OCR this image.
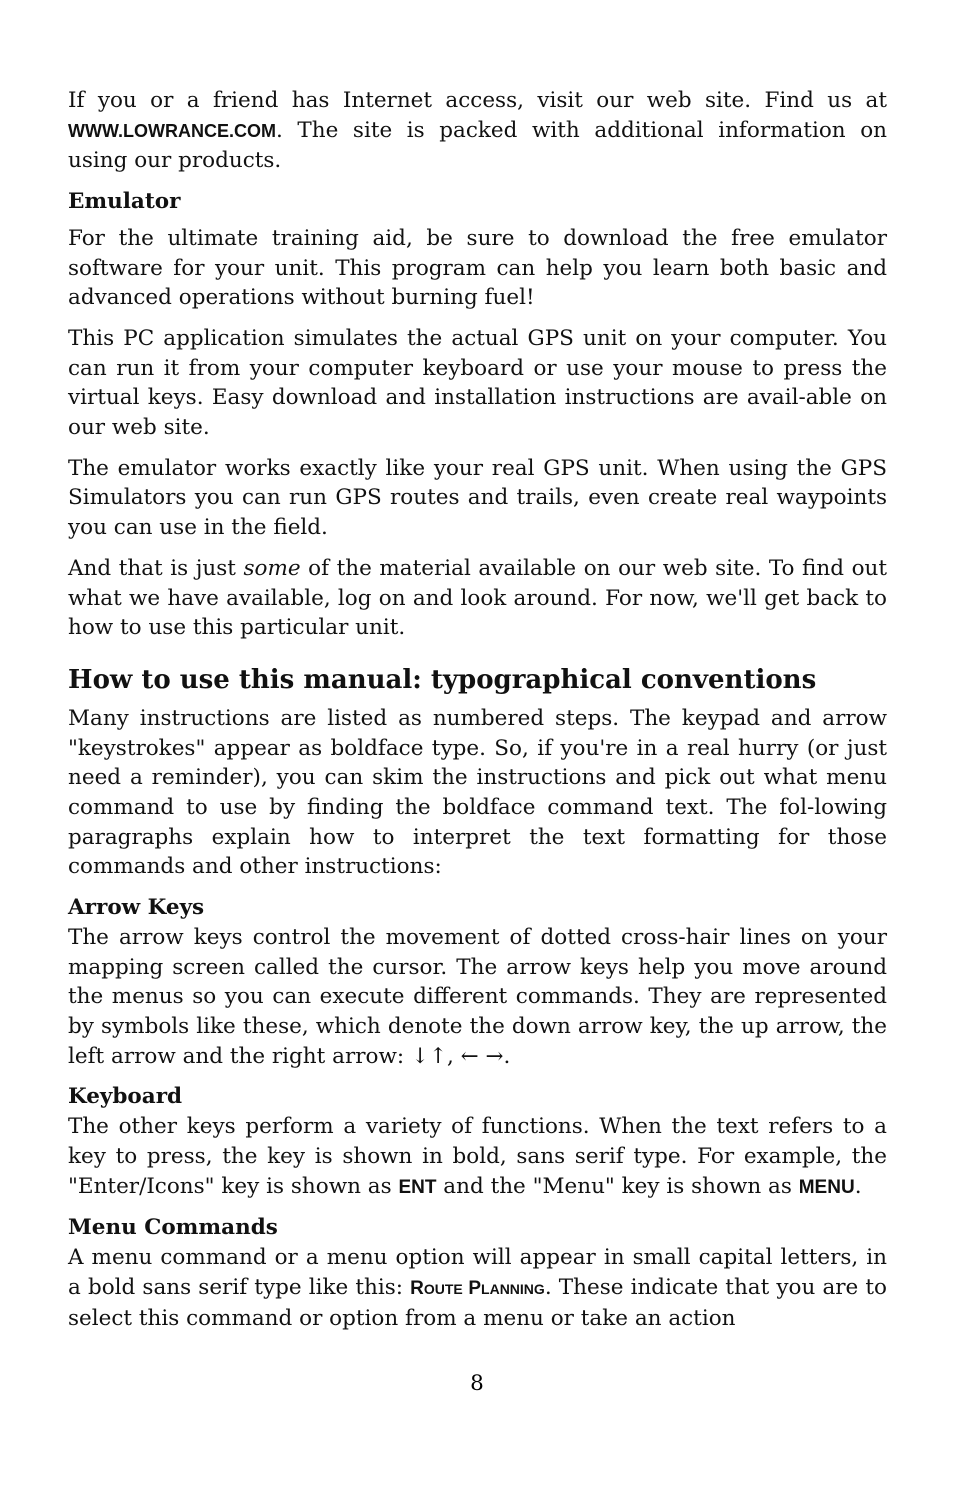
If you or a friend has Internet access, visit our web site. Find us at WWW.LOWRANCE.COM. The site is packed with additional information on using our products.

Emulator

For the ultimate training aid, be sure to download the free emulator software for your unit. This program can help you learn both basic and advanced operations without burning fuel!

This PC application simulates the actual GPS unit on your computer. You can run it from your computer keyboard or use your mouse to press the virtual keys. Easy download and installation instructions are avail-able on our web site.

The emulator works exactly like your real GPS unit. When using the GPS Simulators you can run GPS routes and trails, even create real waypoints you can use in the field.

And that is just some of the material available on our web site. To find out what we have available, log on and look around. For now, we'll get back to how to use this particular unit.

How to use this manual: typographical conventions

Many instructions are listed as numbered steps. The keypad and arrow "keystrokes" appear as boldface type. So, if you're in a real hurry (or just need a reminder), you can skim the instructions and pick out what menu command to use by finding the boldface command text. The fol-lowing paragraphs explain how to interpret the text formatting for those commands and other instructions:

Arrow Keys

The arrow keys control the movement of dotted cross-hair lines on your mapping screen called the cursor. The arrow keys help you move around the menus so you can execute different commands. They are represented by symbols like these, which denote the down arrow key, the up arrow, the left arrow and the right arrow: ↓↑, ← →.

Keyboard

The other keys perform a variety of functions. When the text refers to a key to press, the key is shown in bold, sans serif type. For example, the "Enter/Icons" key is shown as ENT and the "Menu" key is shown as MENU.

Menu Commands

A menu command or a menu option will appear in small capital letters, in a bold sans serif type like this: ROUTE PLANNING. These indicate that you are to select this command or option from a menu or take an action

8
